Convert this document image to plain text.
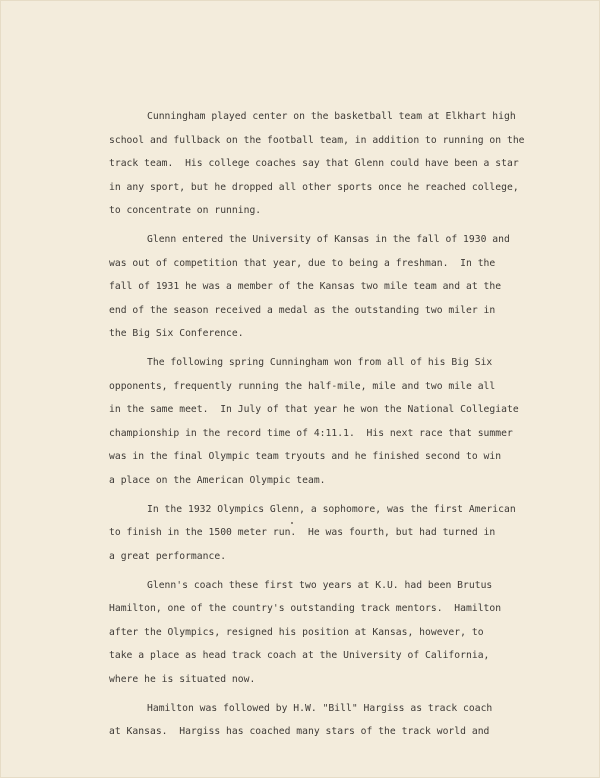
Cunningham played center on the basketball team at Elkhart high
school and fullback on the football team, in addition to running on the
track team.  His college coaches say that Glenn could have been a star
in any sport, but he dropped all other sports once he reached college,
to concentrate on running.
Glenn entered the University of Kansas in the fall of 1930 and
was out of competition that year, due to being a freshman.  In the
fall of 1931 he was a member of the Kansas two mile team and at the
end of the season received a medal as the outstanding two miler in
the Big Six Conference.
The following spring Cunningham won from all of his Big Six
opponents, frequently running the half-mile, mile and two mile all
in the same meet.  In July of that year he won the National Collegiate
championship in the record time of 4:11.1.  His next race that summer
was in the final Olympic team tryouts and he finished second to win
a place on the American Olympic team.
In the 1932 Olympics Glenn, a sophomore, was the first American
to finish in the 1500 meter run.  He was fourth, but had turned in
a great performance.
Glenn's coach these first two years at K.U. had been Brutus
Hamilton, one of the country's outstanding track mentors.  Hamilton
after the Olympics, resigned his position at Kansas, however, to
take a place as head track coach at the University of California,
where he is situated now.
Hamilton was followed by H.W. "Bill" Hargiss as track coach
at Kansas.  Hargiss has coached many stars of the track world and
